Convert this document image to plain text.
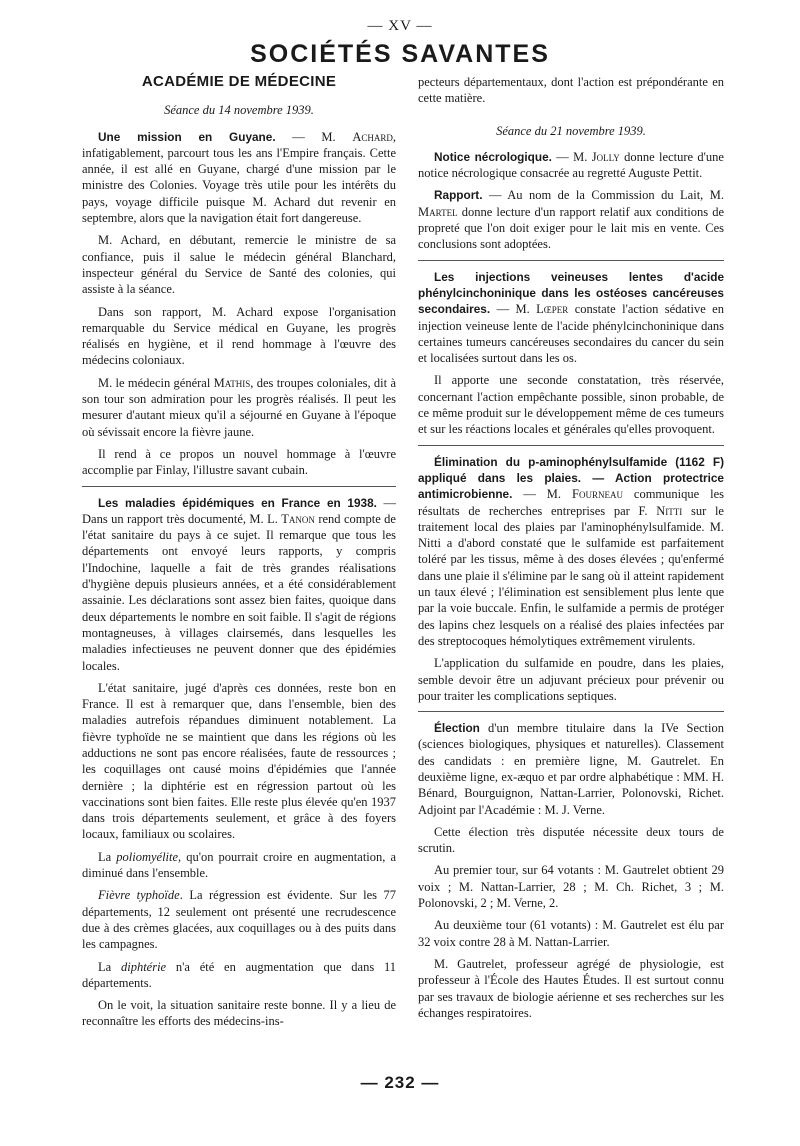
— XV —
SOCIÉTÉS SAVANTES
ACADÉMIE DE MÉDECINE
Séance du 14 novembre 1939.

Une mission en Guyane. — M. Achard, infatigablement, parcourt tous les ans l'Empire français. Cette année, il est allé en Guyane, chargé d'une mission par le ministre des Colonies. Voyage très utile pour les intérêts du pays, voyage difficile puisque M. Achard dut revenir en septembre, alors que la navigation était fort dangereuse.

M. Achard, en débutant, remercie le ministre de sa confiance, puis il salue le médecin général Blanchard, inspecteur général du Service de Santé des colonies, qui assiste à la séance.

Dans son rapport, M. Achard expose l'organisation remarquable du Service médical en Guyane, les progrès réalisés en hygiène, et il rend hommage à l'œuvre des médecins coloniaux.

M. le médecin général Mathis, des troupes coloniales, dit à son tour son admiration pour les progrès réalisés. Il peut les mesurer d'autant mieux qu'il a séjourné en Guyane à l'époque où sévissait encore la fièvre jaune.

Il rend à ce propos un nouvel hommage à l'œuvre accomplie par Finlay, l'illustre savant cubain.

Les maladies épidémiques en France en 1938. — Dans un rapport très documenté, M. L. Tanon rend compte de l'état sanitaire du pays à ce sujet. Il remarque que tous les départements ont envoyé leurs rapports, y compris l'Indochine, laquelle a fait de très grandes réalisations d'hygiène depuis plusieurs années, et a été considérablement assainie. Les déclarations sont assez bien faites, quoique dans deux départements le nombre en soit faible. Il s'agit de régions montagneuses, à villages clairsemés, dans lesquelles les maladies infectieuses ne peuvent donner que des épidémies locales.

L'état sanitaire, jugé d'après ces données, reste bon en France. Il est à remarquer que, dans l'ensemble, bien des maladies autrefois répandues diminuent notablement. La fièvre typhoïde ne se maintient que dans les régions où les adductions ne sont pas encore réalisées, faute de ressources ; les coquillages ont causé moins d'épidémies que l'année dernière ; la diphtérie est en régression partout où les vaccinations sont bien faites. Elle reste plus élevée qu'en 1937 dans trois départements seulement, et grâce à des foyers locaux, familiaux ou scolaires.

La poliomyélite, qu'on pourrait croire en augmentation, a diminué dans l'ensemble.

Fièvre typhoïde. La régression est évidente. Sur les 77 départements, 12 seulement ont présenté une recrudescence due à des crèmes glacées, aux coquillages ou à des puits dans les campagnes.

La diphtérie n'a été en augmentation que dans 11 départements.

On le voit, la situation sanitaire reste bonne. Il y a lieu de reconnaître les efforts des médecins-ins-

pecteurs départementaux, dont l'action est prépondérante en cette matière.

Séance du 21 novembre 1939.

Notice nécrologique. — M. Jolly donne lecture d'une notice nécrologique consacrée au regretté Auguste Pettit.

Rapport. — Au nom de la Commission du Lait, M. Martel donne lecture d'un rapport relatif aux conditions de propreté que l'on doit exiger pour le lait mis en vente. Ces conclusions sont adoptées.

Les injections veineuses lentes d'acide phénylcinchoninique dans les ostéoses cancéreuses secondaires. — M. Lœper constate l'action sédative en injection veineuse lente de l'acide phénylcinchoninique dans certaines tumeurs cancéreuses secondaires du cancer du sein et localisées surtout dans les os.

Il apporte une seconde constatation, très réservée, concernant l'action empêchante possible, sinon probable, de ce même produit sur le développement même de ces tumeurs et sur les réactions locales et générales qu'elles provoquent.

Élimination du p-aminophénylsulfamide (1162 F) appliqué dans les plaies. — Action protectrice antimicrobienne. — M. Fourneau communique les résultats de recherches entreprises par F. Nitti sur le traitement local des plaies par l'aminophénylsulfamide. M. Nitti a d'abord constaté que le sulfamide est parfaitement toléré par les tissus, même à des doses élevées ; qu'enfermé dans une plaie il s'élimine par le sang où il atteint rapidement un taux élevé ; l'élimination est sensiblement plus lente que par la voie buccale. Enfin, le sulfamide a permis de protéger des lapins chez lesquels on a réalisé des plaies infectées par des streptocoques hémolytiques extrêmement virulents.

L'application du sulfamide en poudre, dans les plaies, semble devoir être un adjuvant précieux pour prévenir ou pour traiter les complications septiques.

Élection d'un membre titulaire dans la IVe Section (sciences biologiques, physiques et naturelles). Classement des candidats : en première ligne, M. Gautrelet. En deuxième ligne, ex-æquo et par ordre alphabétique : MM. H. Bénard, Bourguignon, Nattan-Larrier, Polonovski, Richet. Adjoint par l'Académie : M. J. Verne.

Cette élection très disputée nécessite deux tours de scrutin.

Au premier tour, sur 64 votants : M. Gautrelet obtient 29 voix ; M. Nattan-Larrier, 28 ; M. Ch. Richet, 3 ; M. Polonovski, 2 ; M. Verne, 2.

Au deuxième tour (61 votants) : M. Gautrelet est élu par 32 voix contre 28 à M. Nattan-Larrier.

M. Gautrelet, professeur agrégé de physiologie, est professeur à l'École des Hautes Études. Il est surtout connu par ses travaux de biologie aérienne et ses recherches sur les échanges respiratoires.

— 232 —
